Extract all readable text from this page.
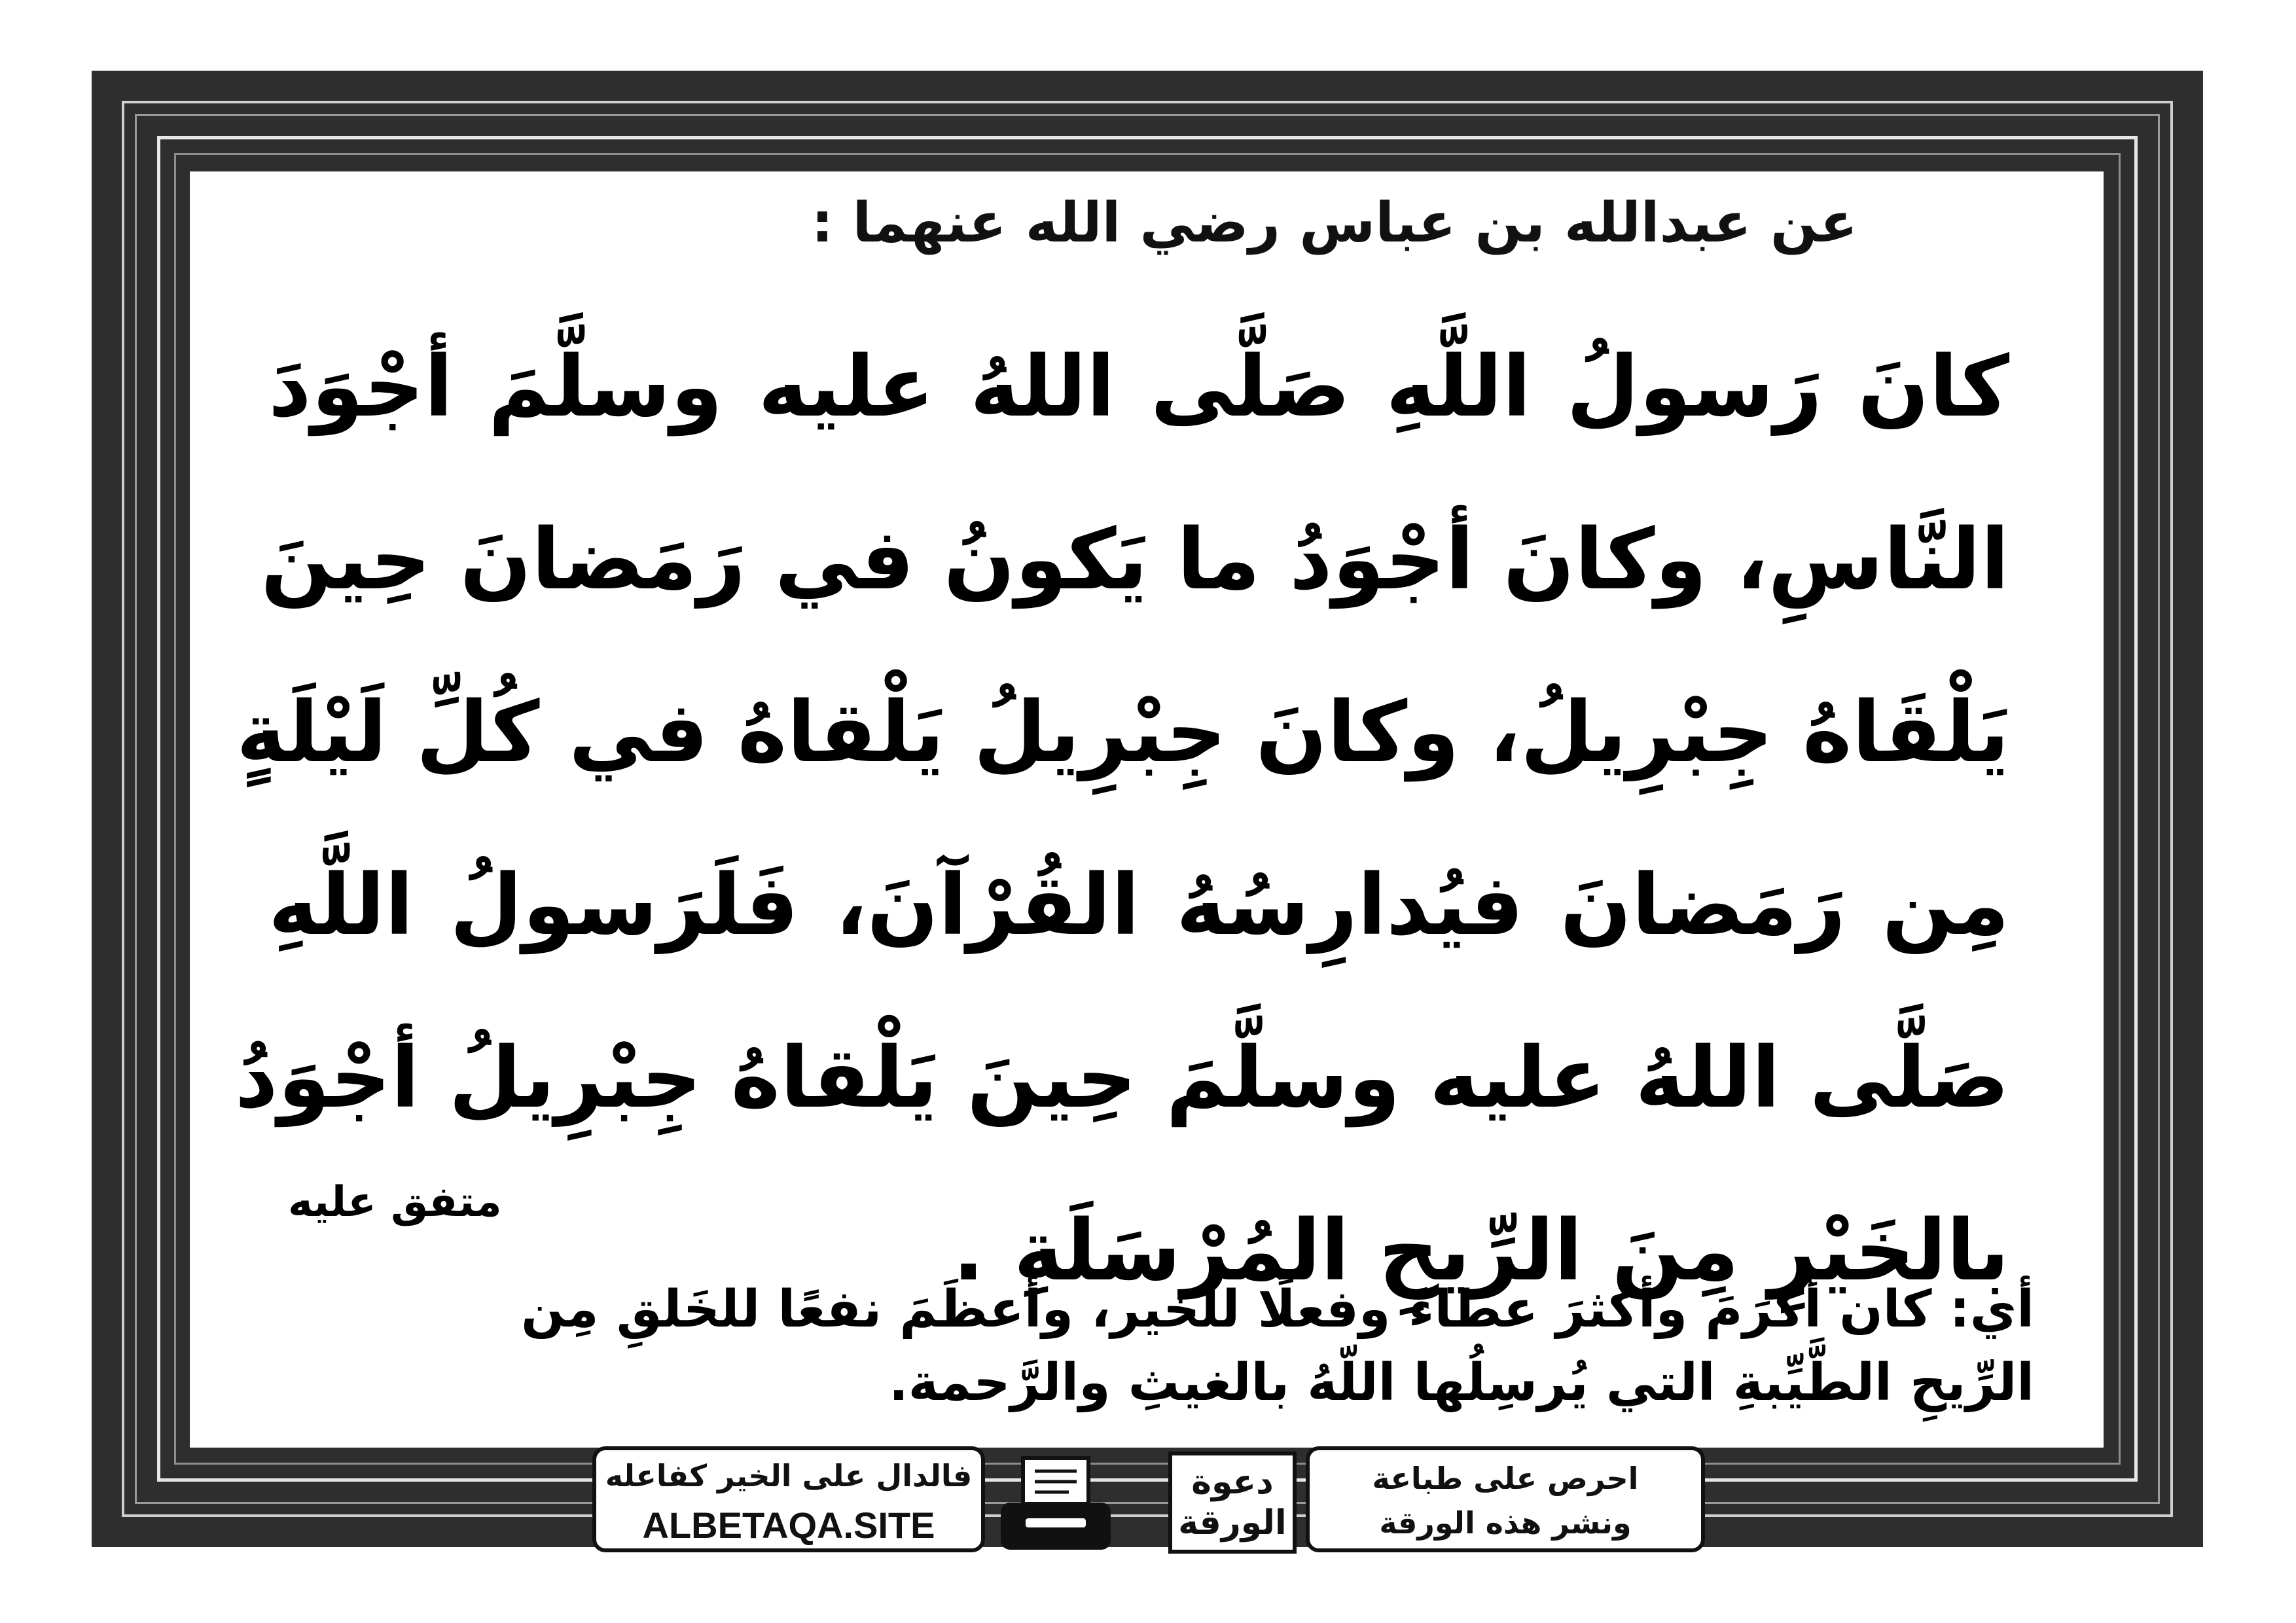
عن عبدالله بن عباس رضي الله عنهما :
كانَ رَسولُ اللَّهِ صَلَّى اللهُ عليه وسلَّمَ أجْوَدَ
النَّاسِ، وكانَ أجْوَدُ ما يَكونُ في رَمَضانَ حِينَ
يَلْقَاهُ جِبْرِيلُ، وكانَ جِبْرِيلُ يَلْقاهُ في كُلِّ لَيْلَةٍ
مِن رَمَضانَ فيُدارِسُهُ القُرْآنَ، فَلَرَسولُ اللَّهِ
صَلَّى اللهُ عليه وسلَّمَ حِينَ يَلْقاهُ جِبْرِيلُ أجْوَدُ
بالخَيْرِ مِنَ الرِّيحِ المُرْسَلَةِ .
متفق عليه
أي: كان أكرَمَ وأكثرَ عطاءً وفعلًا للخير، وأعظَمَ نفعًا للخَلقِ مِن
الرِّيحِ الطَّيِّبةِ التي يُرسِلُها اللّهُ بالغيثِ والرَّحمة.
فالدال على الخير كفاعله
ALBETAQA.SITE
دعوة
الورقة
احرص على طباعة
ونشر هذه الورقة
